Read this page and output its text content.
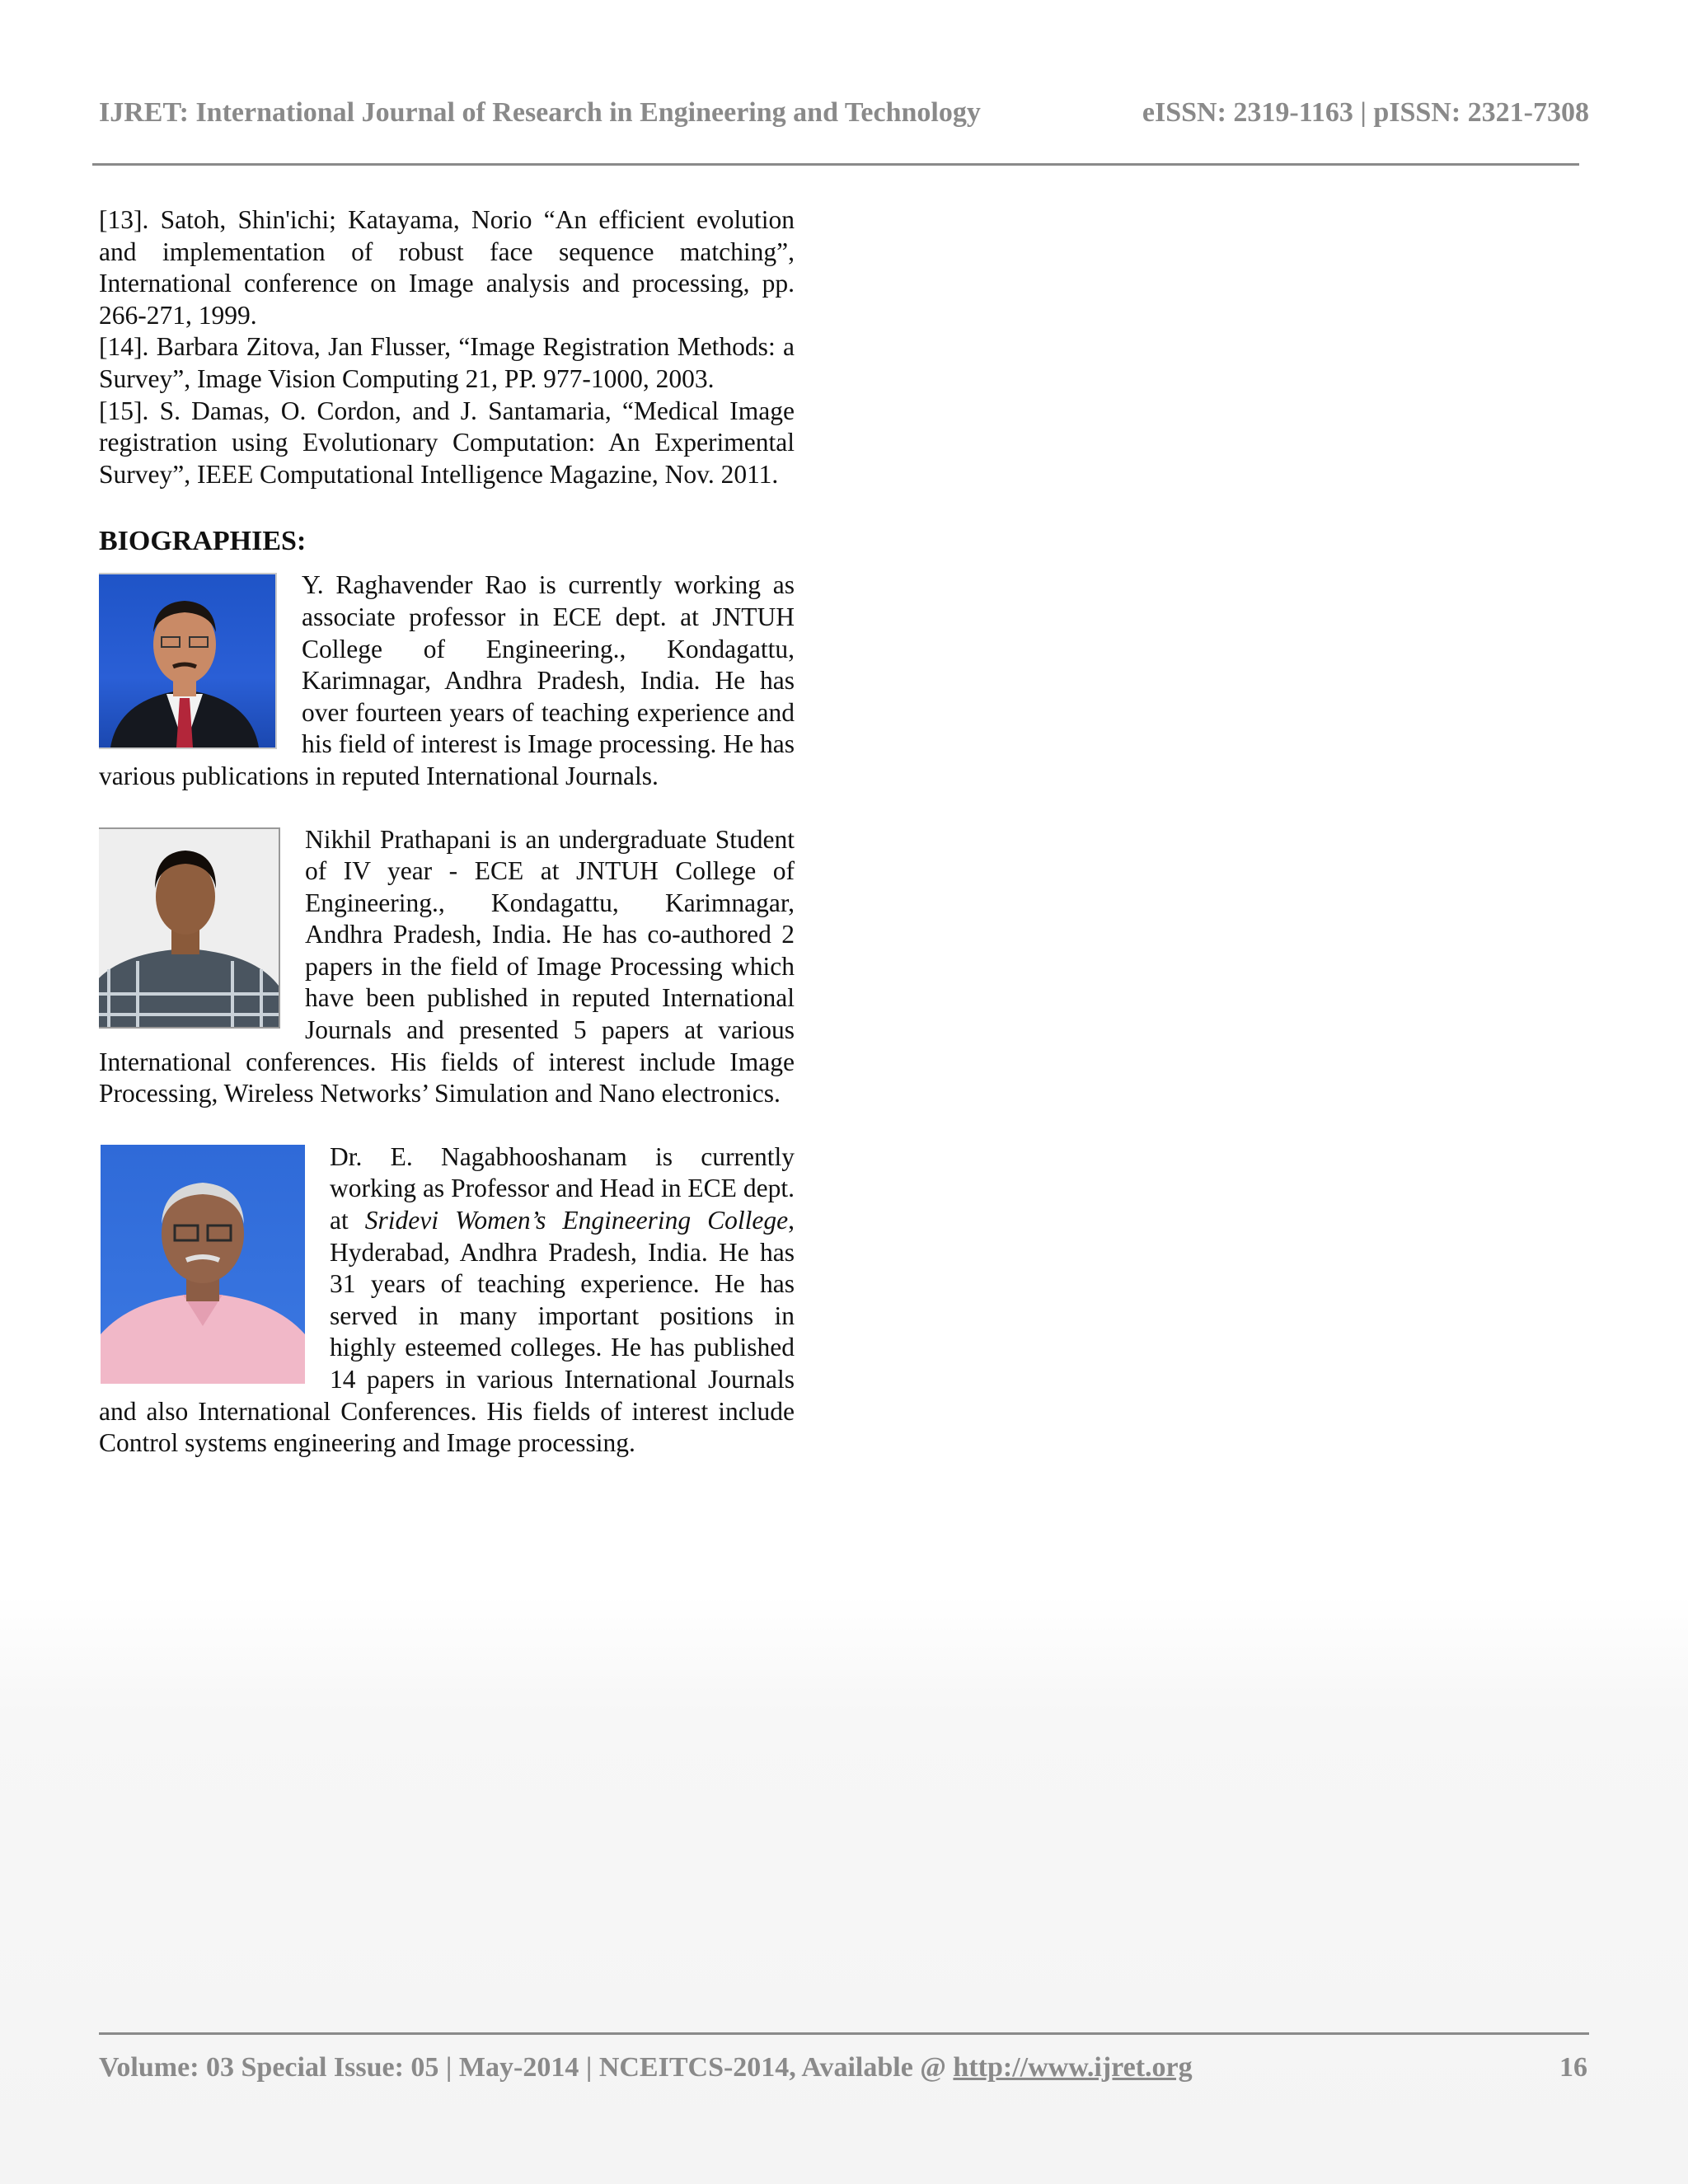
IJRET: International Journal of Research in Engineering and Technology	eISSN: 2319-1163 | pISSN: 2321-7308

[13]. Satoh, Shin'ichi; Katayama, Norio “An efficient evolution and implementation of robust face sequence matching”, International conference on Image analysis and processing, pp. 266-271, 1999.

[14]. Barbara Zitova, Jan Flusser, “Image Registration Methods: a Survey”, Image Vision Computing 21, PP. 977-1000, 2003.

[15]. S. Damas, O. Cordon, and J. Santamaria, “Medical Image registration using Evolutionary Computation: An Experimental Survey”, IEEE Computational Intelligence Magazine, Nov. 2011.

BIOGRAPHIES:

Y. Raghavender Rao is currently working as associate professor in ECE dept. at JNTUH College of Engineering., Kondagattu, Karimnagar, Andhra Pradesh, India. He has over fourteen years of teaching experience and his field of interest is Image processing. He has various publications in reputed International Journals.

Nikhil Prathapani is an undergraduate Student of IV year - ECE at JNTUH College of Engineering., Kondagattu, Karimnagar, Andhra Pradesh, India. He has co-authored 2 papers in the field of Image Processing which have been published in reputed International Journals and presented 5 papers at various International conferences. His fields of interest include Image Processing, Wireless Networks’ Simulation and Nano electronics.

Dr. E. Nagabhooshanam is currently working as Professor and Head in ECE dept. at Sridevi Women’s Engineering College, Hyderabad, Andhra Pradesh, India. He has 31 years of teaching experience. He has served in many important positions in highly esteemed colleges. He has published 14 papers in various International Journals and also International Conferences. His fields of interest include Control systems engineering and Image processing.

Volume: 03 Special Issue: 05 | May-2014 | NCEITCS-2014, Available @ http://www.ijret.org	16
